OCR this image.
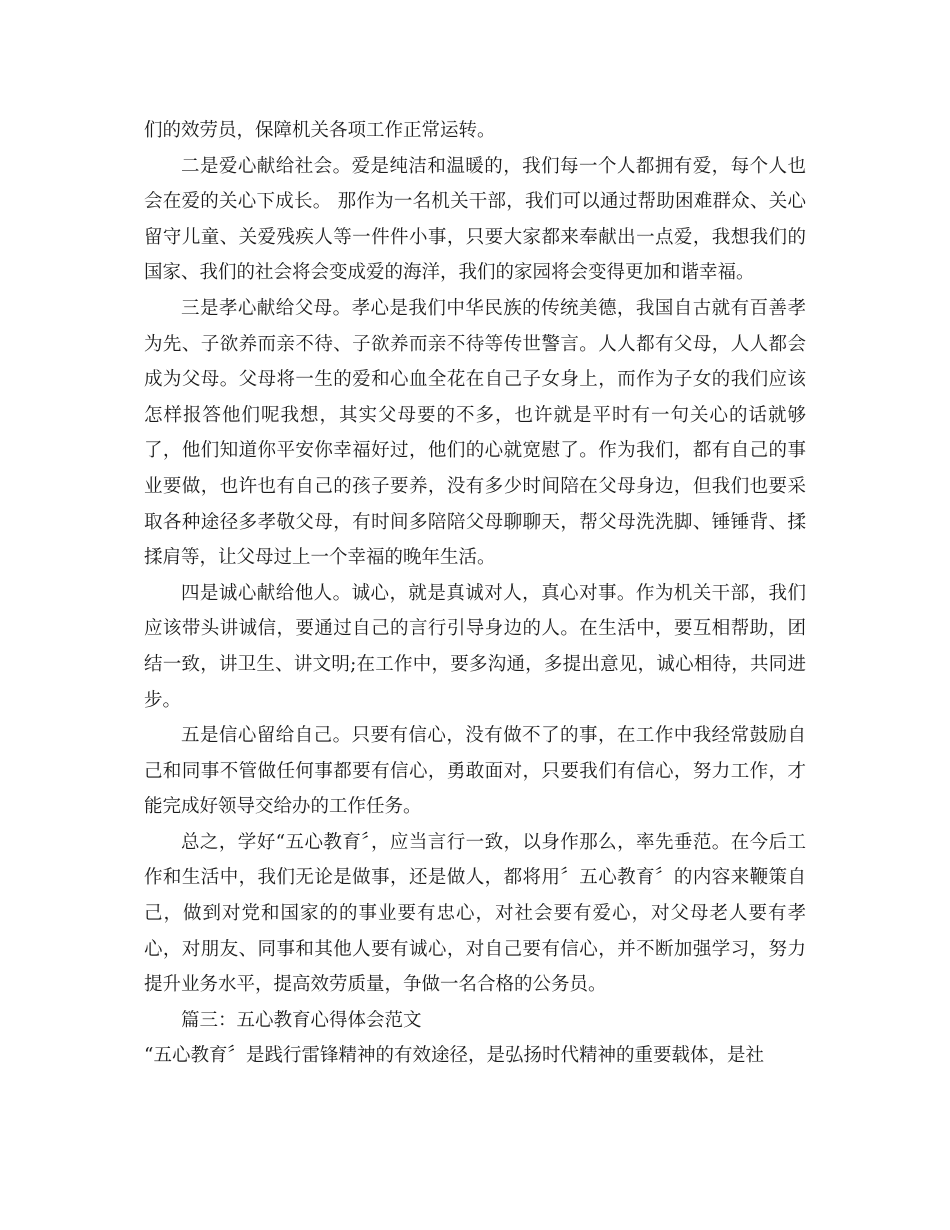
们的效劳员，保障机关各项工作正常运转。

二是爱心献给社会。爱是纯洁和温暖的，我们每一个人都拥有爱，每个人也会在爱的关心下成长。 那作为一名机关干部，我们可以通过帮助困难群众、关心留守儿童、关爱残疾人等一件件小事，只要大家都来奉献出一点爱，我想我们的国家、我们的社会将会变成爱的海洋，我们的家园将会变得更加和谐幸福。

三是孝心献给父母。孝心是我们中华民族的传统美德，我国自古就有百善孝为先、子欲养而亲不待、子欲养而亲不待等传世警言。人人都有父母，人人都会成为父母。父母将一生的爱和心血全花在自己子女身上，而作为子女的我们应该怎样报答他们呢我想，其实父母要的不多，也许就是平时有一句关心的话就够了，他们知道你平安你幸福好过，他们的心就宽慰了。作为我们，都有自己的事业要做，也许也有自己的孩子要养，没有多少时间陪在父母身边，但我们也要采取各种途径多孝敬父母，有时间多陪陪父母聊聊天，帮父母洗洗脚、锤锤背、揉揉肩等，让父母过上一个幸福的晚年生活。

四是诚心献给他人。诚心，就是真诚对人，真心对事。作为机关干部，我们应该带头讲诚信，要通过自己的言行引导身边的人。在生活中，要互相帮助，团结一致，讲卫生、讲文明;在工作中，要多沟通，多提出意见，诚心相待，共同进步。

五是信心留给自己。只要有信心，没有做不了的事，在工作中我经常鼓励自己和同事不管做任何事都要有信心，勇敢面对，只要我们有信心，努力工作，才能完成好领导交给办的工作任务。

总之，学好“五心教育〞，应当言行一致，以身作那么，率先垂范。在今后工作和生活中，我们无论是做事，还是做人，都将用〞五心教育〞的内容来鞭策自己，做到对党和国家的的事业要有忠心，对社会要有爱心，对父母老人要有孝心，对朋友、同事和其他人要有诚心，对自己要有信心，并不断加强学习，努力提升业务水平，提高效劳质量，争做一名合格的公务员。

篇三：五心教育心得体会范文

“五心教育〞是践行雷锋精神的有效途径，是弘扬时代精神的重要载体，是社
